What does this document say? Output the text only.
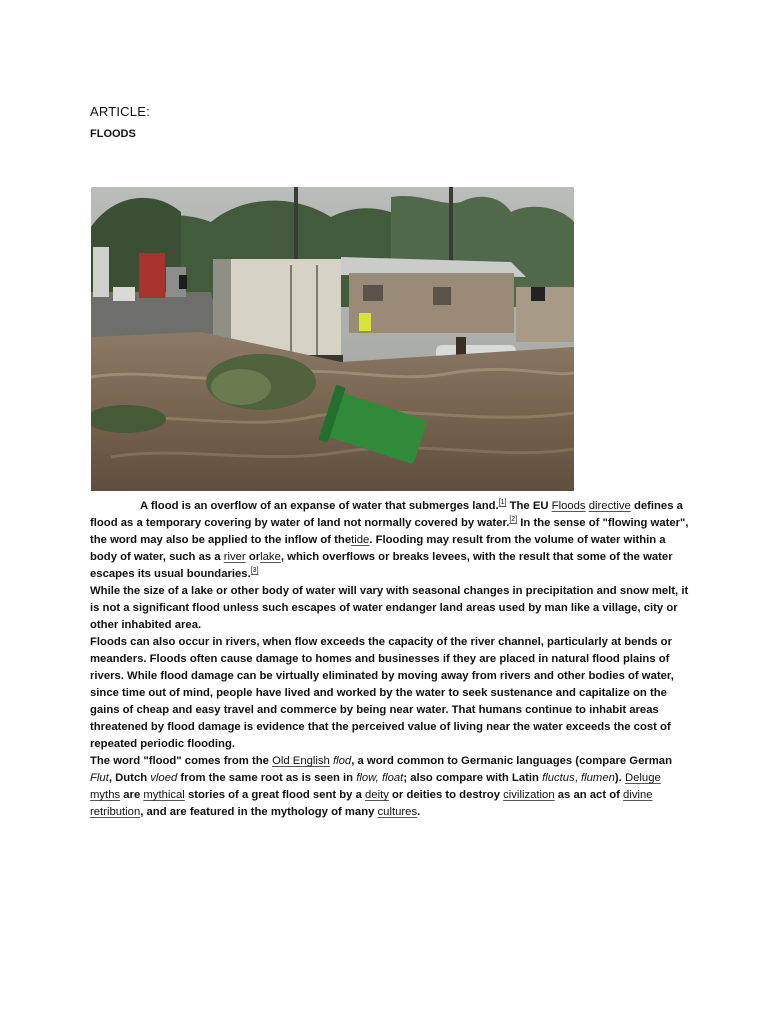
ARTICLE:
FLOODS

A flood is an overflow of an expanse of water that submerges land.[1] The EU Floods directive defines a flood as a temporary covering by water of land not normally covered by water.[2] In the sense of "flowing water", the word may also be applied to the inflow of thetide. Flooding may result from the volume of water within a body of water, such as a river orlake, which overflows or breaks levees, with the result that some of the water escapes its usual boundaries.[3]

While the size of a lake or other body of water will vary with seasonal changes in precipitation and snow melt, it is not a significant flood unless such escapes of water endanger land areas used by man like a village, city or other inhabited area.

Floods can also occur in rivers, when flow exceeds the capacity of the river channel, particularly at bends or meanders. Floods often cause damage to homes and businesses if they are placed in natural flood plains of rivers. While flood damage can be virtually eliminated by moving away from rivers and other bodies of water, since time out of mind, people have lived and worked by the water to seek sustenance and capitalize on the gains of cheap and easy travel and commerce by being near water. That humans continue to inhabit areas threatened by flood damage is evidence that the perceived value of living near the water exceeds the cost of repeated periodic flooding.

The word "flood" comes from the Old English flod, a word common to Germanic languages (compare German Flut, Dutch vloed from the same root as is seen in flow, float; also compare with Latin fluctus, flumen). Deluge myths are mythical stories of a great flood sent by a deity or deities to destroy civilization as an act of divine retribution, and are featured in the mythology of many cultures.
